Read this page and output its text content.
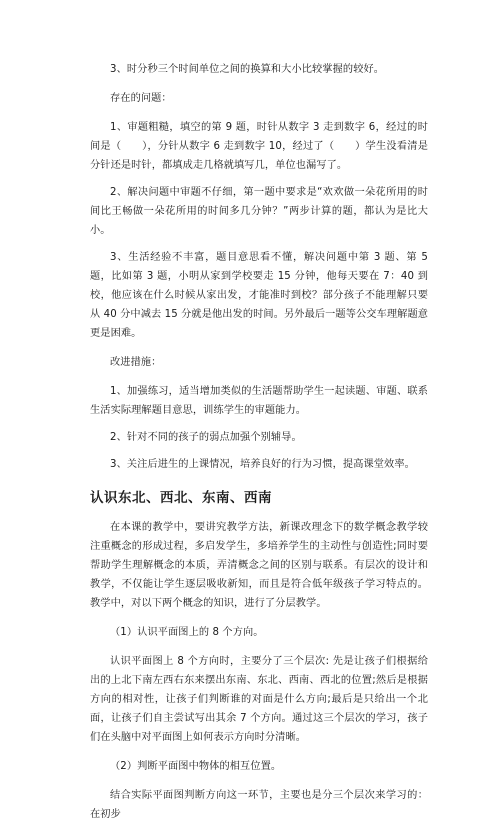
3、时分秒三个时间单位之间的换算和大小比较掌握的较好。

存在的问题：

1、审题粗糙，填空的第 9 题，时针从数字 3 走到数字 6，经过的时间是（　　），分针从数字 6 走到数字 10，经过了（　　）学生没看清是分针还是时针，都填成走几格就填写几，单位也漏写了。

2、解决问题中审题不仔细，第一题中要求是“欢欢做一朵花所用的时间比王畅做一朵花所用的时间多几分钟？”两步计算的题，都认为是比大小。

3、生活经验不丰富，题目意思看不懂，解决问题中第 3 题、第 5 题，比如第 3 题，小明从家到学校要走 15 分钟，他每天要在 7：40 到校，他应该在什么时候从家出发，才能准时到校？部分孩子不能理解只要从 40 分中减去 15 分就是他出发的时间。另外最后一题等公交车理解题意更是困难。

改进措施：

1、加强练习，适当增加类似的生活题帮助学生一起读题、审题、联系生活实际理解题目意思，训练学生的审题能力。

2、针对不同的孩子的弱点加强个别辅导。

3、关注后进生的上课情况，培养良好的行为习惯，提高课堂效率。

认识东北、西北、东南、西南

在本课的教学中，要讲究教学方法，新课改理念下的数学概念教学较注重概念的形成过程，多启发学生，多培养学生的主动性与创造性;同时要帮助学生理解概念的本质，弄清概念之间的区别与联系。有层次的设计和教学，不仅能让学生逐层吸收新知，而且是符合低年级孩子学习特点的。教学中，对以下两个概念的知识，进行了分层教学。

（1）认识平面图上的 8 个方向。

认识平面图上 8 个方向时，主要分了三个层次: 先是让孩子们根据给出的上北下南左西右东来摆出东南、东北、西南、西北的位置;然后是根据方向的相对性，让孩子们判断谁的对面是什么方向;最后是只给出一个北面，让孩子们自主尝试写出其余 7 个方向。通过这三个层次的学习，孩子们在头脑中对平面图上如何表示方向时分清晰。

（2）判断平面图中物体的相互位置。

结合实际平面图判断方向这一环节，主要也是分三个层次来学习的：在初步
